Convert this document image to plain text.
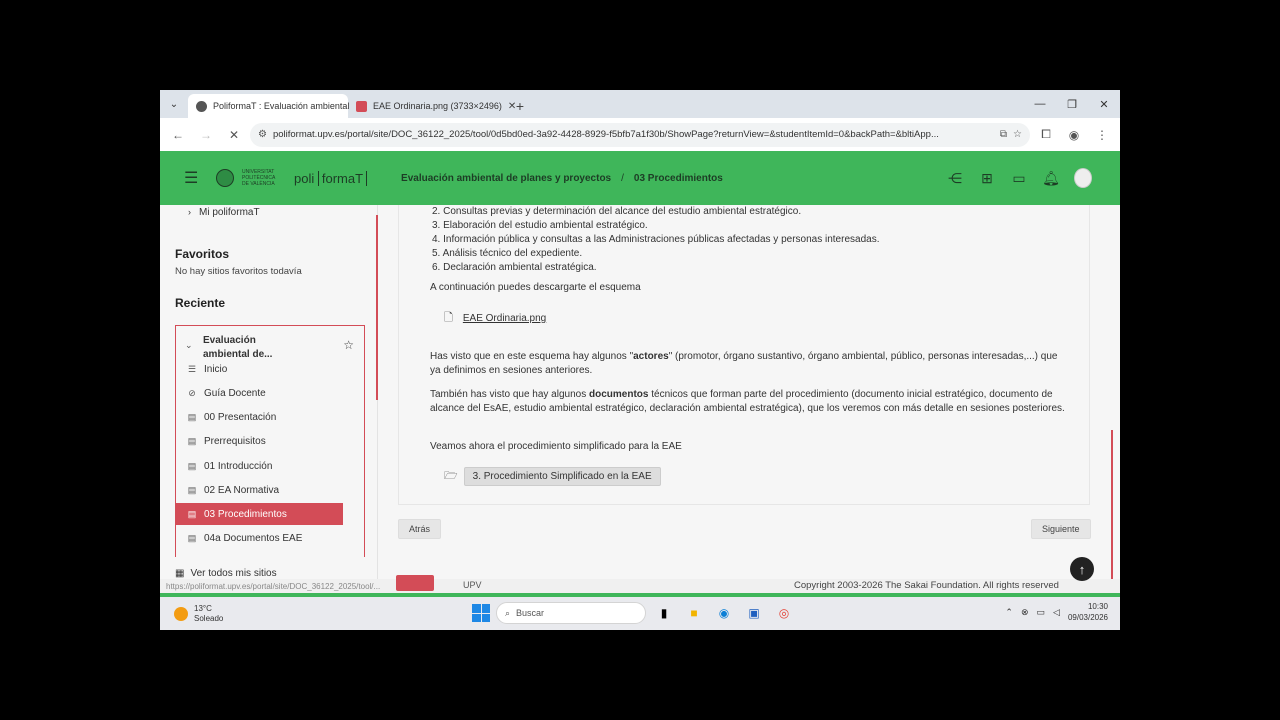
⌄	PoliformaT : Evaluación ambiental	EAE Ordinaria.png (3733×2496) ✕ +	—	❐	✕
←	→	✕	⚙ poliformat.upv.es/portal/site/DOC_36122_2025/tool/0d5bd0ed-3a92-4428-8929-f5bfb7a1f30b/ShowPage?returnView=&studentItemId=0&backPath=&bltiApp...	⧉ ☆	⧠	◉	⋮
☰	UNIVERSITAT POLITÈCNICA DE VALÈNCIA	poli formaT	Evaluación ambiental de planes y proyectos / 03 Procedimientos	⋲ ⊞ ▭ 🔔︎
› Mi poliformaT
Favoritos
No hay sitios favoritos todavía
Reciente
⌄ Evaluación
ambiental de...
☆
☰ Inicio
⊘ Guía Docente
▤ 00 Presentación
▤ Prerrequisitos
▤ 01 Introducción
▤ 02 EA Normativa
▤ 03 Procedimientos
▤ 04a Documentos EAE
▦ Ver todos mis sitios
2. Consultas previas y determinación del alcance del estudio ambiental estratégico.
3. Elaboración del estudio ambiental estratégico.
4. Información pública y consultas a las Administraciones públicas afectadas y personas interesadas.
5. Análisis técnico del expediente.
6. Declaración ambiental estratégica.
A continuación puedes descargarte el esquema
🗋 EAE Ordinaria.png
Has visto que en este esquema hay algunos "actores" (promotor, órgano sustantivo, órgano ambiental, público, personas interesadas,...) que ya definimos en sesiones anteriores.
También has visto que hay algunos documentos técnicos que forman parte del procedimiento (documento inicial estratégico, documento de alcance del EsAE, estudio ambiental estratégico, declaración ambiental estratégica), que los veremos con más detalle en sesiones posteriores.
Veamos ahora el procedimiento simplificado para la EAE
🗁	3. Procedimiento Simplificado en la EAE
Atrás	Siguiente
UPV	Copyright 2003-2026 The Sakai Foundation. All rights reserved
https://poliformat.upv.es/portal/site/DOC_36122_2025/tool/...
↑
13°C
Soleado
⌕ Buscar	▮	■	◉	▣	◎	⌃ ⊗ ▭ ◁	10:30
09/03/2026
